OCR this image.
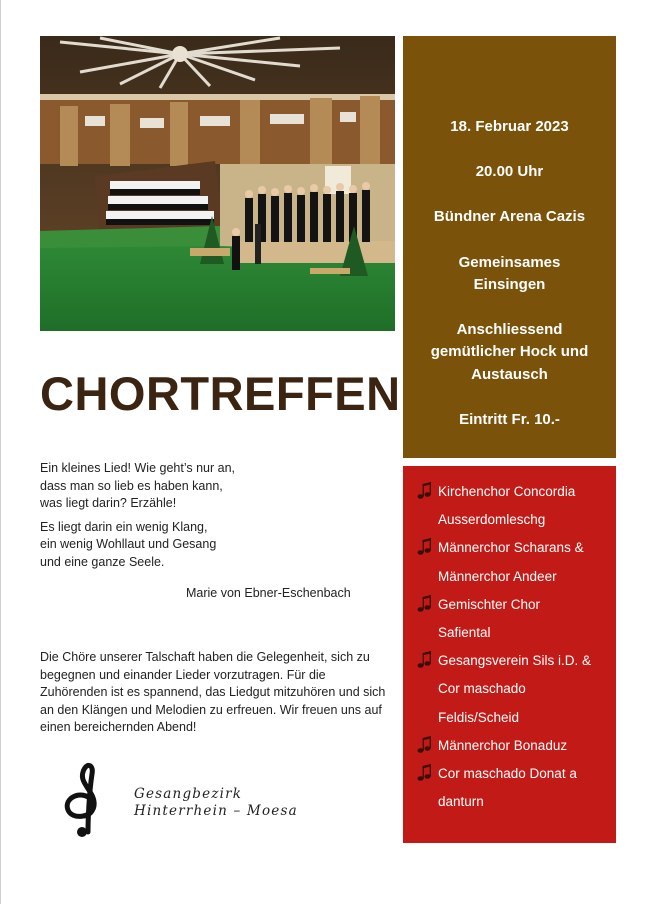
CHORTREFFEN

Ein kleines Lied! Wie geht’s nur an,
dass man so lieb es haben kann,
was liegt darin? Erzähle!

Es liegt darin ein wenig Klang,
ein wenig Wohllaut und Gesang
und eine ganze Seele.

Marie von Ebner-Eschenbach
Die Chöre unserer Talschaft haben die Gelegenheit, sich zu begegnen und einander Lieder vorzutragen. Für die Zuhörenden ist es spannend, das Liedgut mitzuhören und sich an den Klängen und Melodien zu erfreuen. Wir freuen uns auf einen bereichernden Abend!
Gesangbezirk
Hinterrhein – Moesa
18. Februar 2023
20.00 Uhr
Bündner Arena Cazis
Gemeinsames
Einsingen
Anschliessend
gemütlicher Hock und
Austausch
Eintritt Fr. 10.-
Kirchenchor Concordia
Ausserdomleschg
Männerchor Scharans &
Männerchor Andeer
Gemischter Chor
Safiental
Gesangsverein Sils i.D. &
Cor maschado
Feldis/Scheid
Männerchor Bonaduz
Cor maschado Donat a
danturn
